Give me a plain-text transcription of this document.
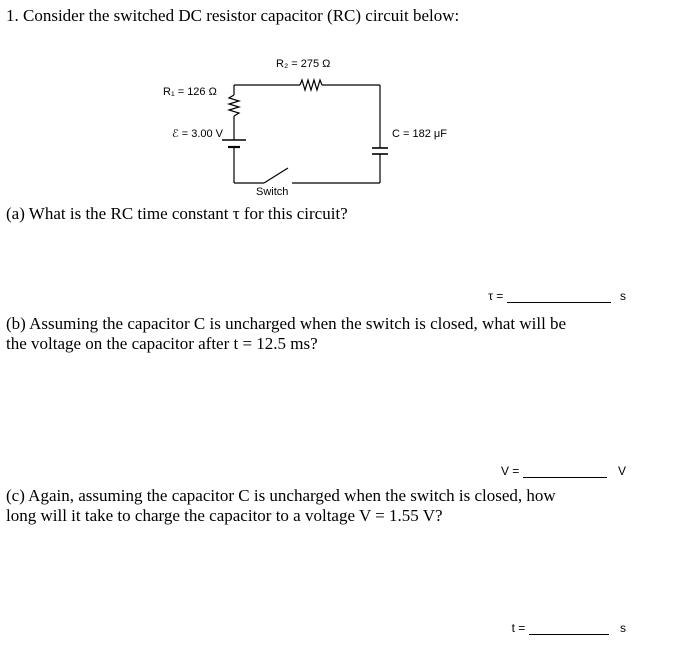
1. Consider the switched DC resistor capacitor (RC) circuit below:
R₂ = 275 Ω
R₁ = 126 Ω
ℰ = 3.00 V	C = 182 μF
Switch
(a) What is the RC time constant τ for this circuit?
τ =	s
(b) Assuming the capacitor C is uncharged when the switch is closed, what will be
the voltage on the capacitor after t = 12.5 ms?
V =	V
(c) Again, assuming the capacitor C is uncharged when the switch is closed, how
long will it take to charge the capacitor to a voltage V = 1.55 V?
t =	s
